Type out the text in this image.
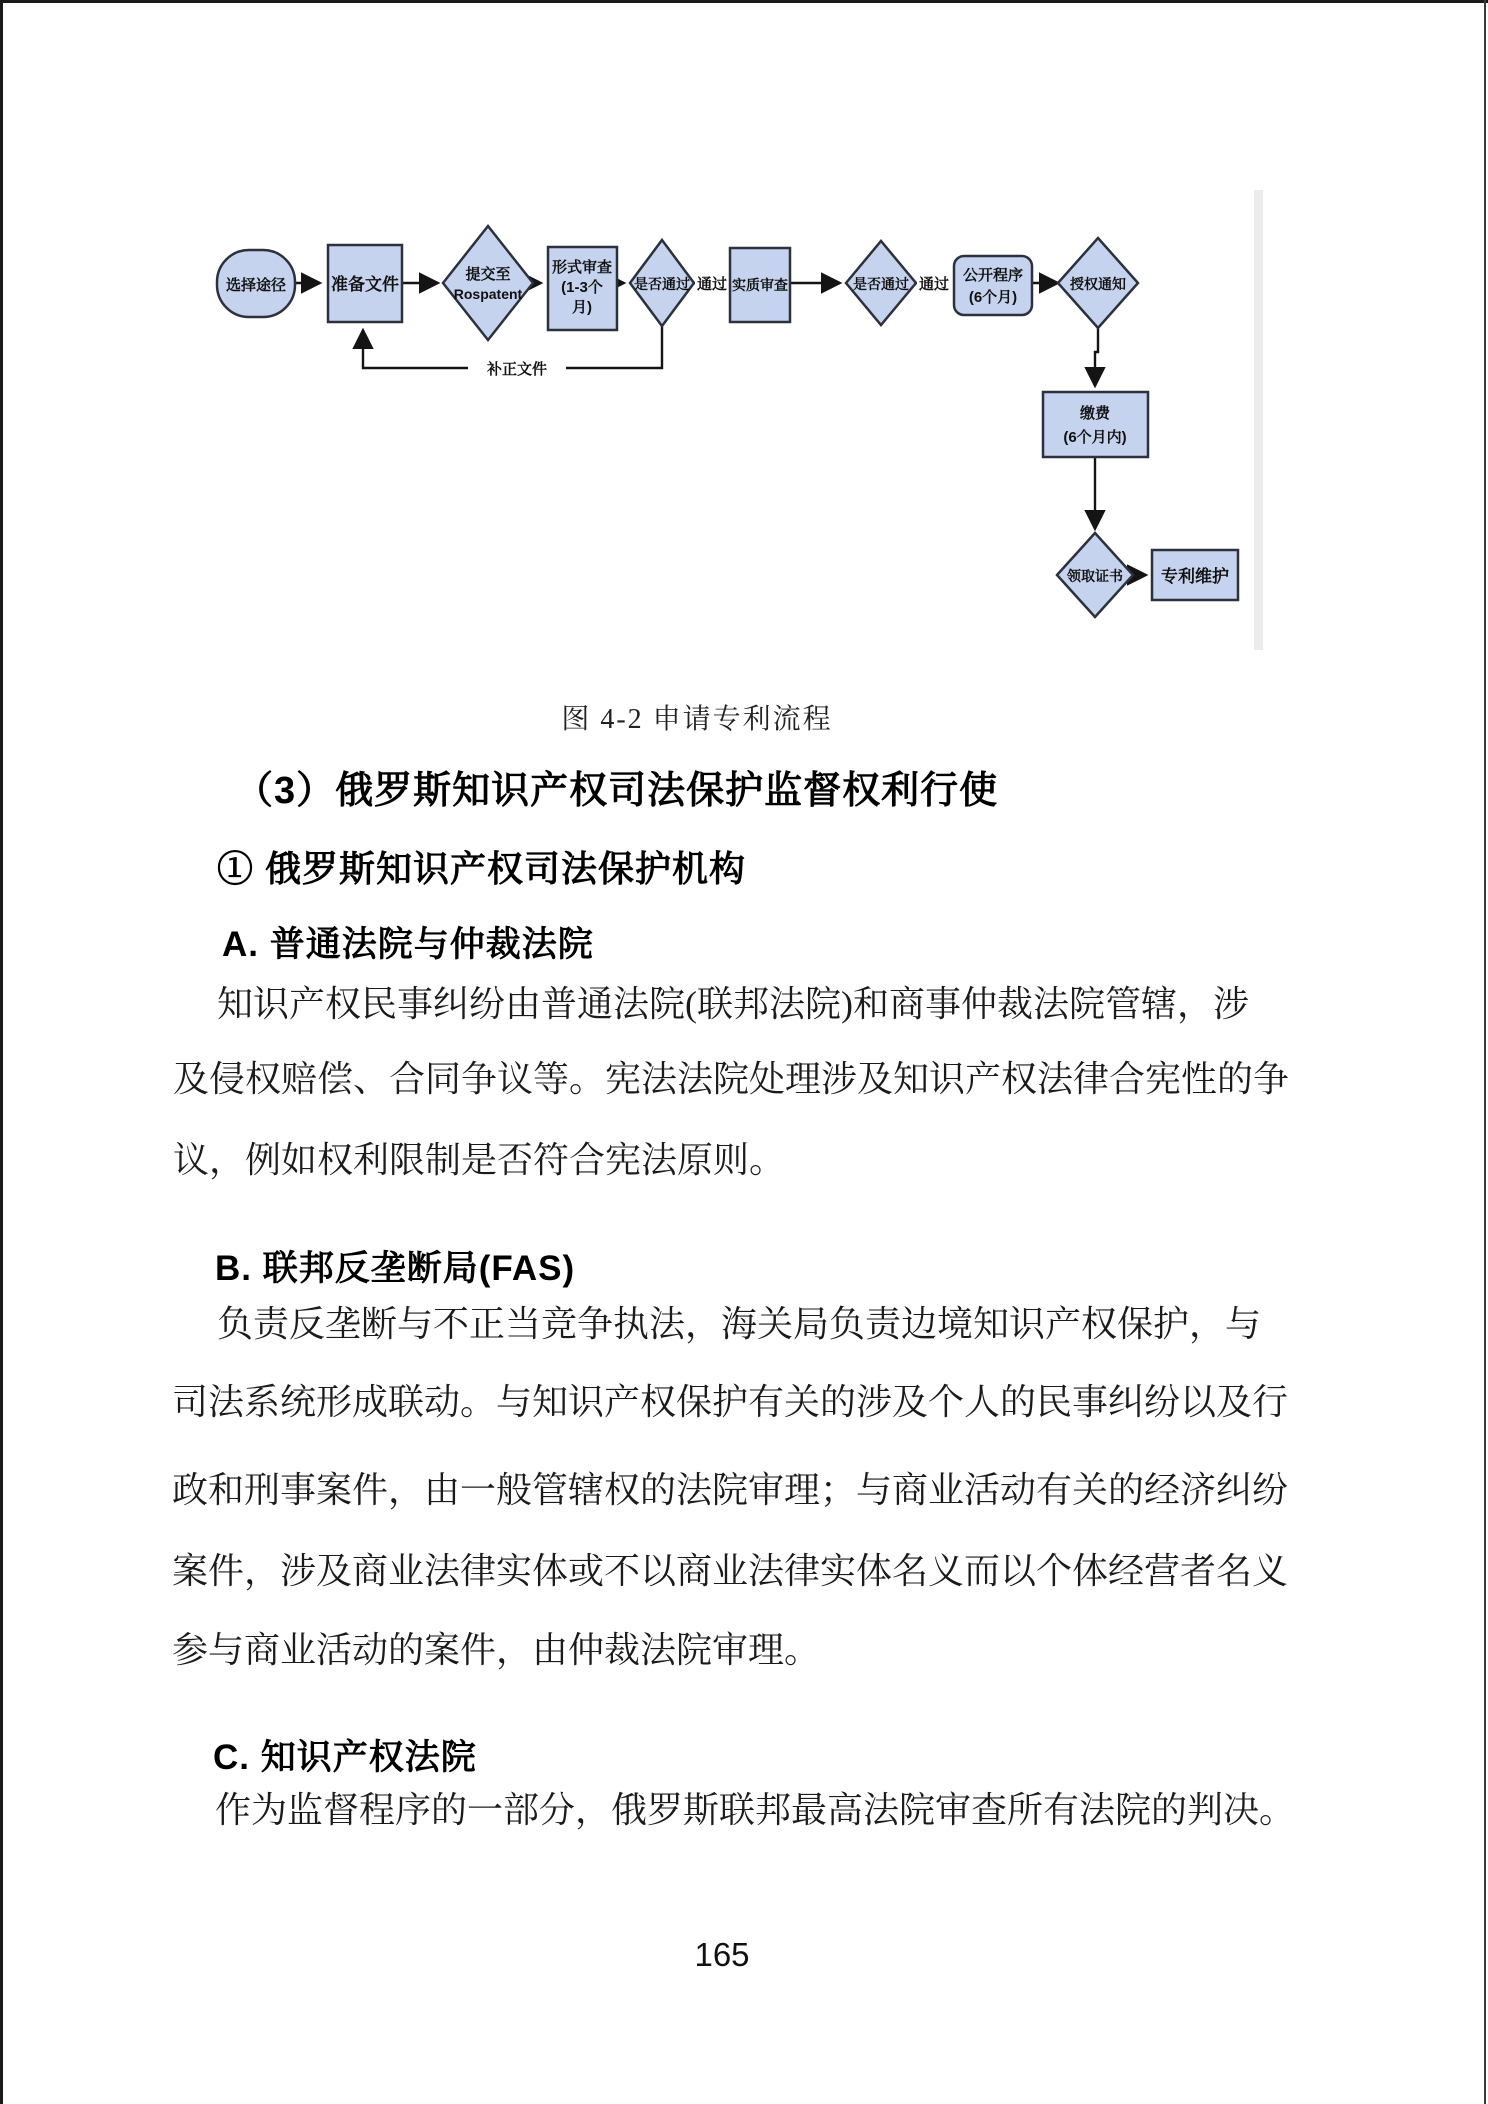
选择途径	准备文件
提交至
Rospatent
形式审查
(1-3个
月)
是否通过 通过 实质审查	是否通过 通过
公开程序
(6个月)
授权通知
缴费
(6个月内)
领取证书 专利维护
补正文件
图 4-2 申请专利流程
（3）俄罗斯知识产权司法保护监督权利行使
① 俄罗斯知识产权司法保护机构
A. 普通法院与仲裁法院
知识产权民事纠纷由普通法院(联邦法院)和商事仲裁法院管辖，涉
及侵权赔偿、合同争议等。宪法法院处理涉及知识产权法律合宪性的争
议，例如权利限制是否符合宪法原则。
B. 联邦反垄断局(FAS)
负责反垄断与不正当竞争执法，海关局负责边境知识产权保护，与
司法系统形成联动。与知识产权保护有关的涉及个人的民事纠纷以及行
政和刑事案件，由一般管辖权的法院审理；与商业活动有关的经济纠纷
案件，涉及商业法律实体或不以商业法律实体名义而以个体经营者名义
参与商业活动的案件，由仲裁法院审理。
C. 知识产权法院
作为监督程序的一部分，俄罗斯联邦最高法院审查所有法院的判决。
165
